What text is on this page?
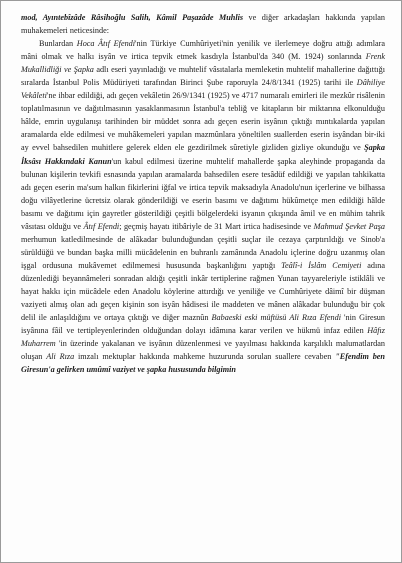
mod, Ayıntebîzâde Râsihoğlu Salih, Kâmil Paşazâde Muhlis ve diğer arkadaşları hakkında yapılan muhakemeleri neticesinde:

Bunlardan Hoca Âtıf Efendi'nin Türkiye Cumhûriyeti'nin yenilik ve ilerlemeye doğru attığı adımlara mâni olmak ve halkı isyân ve irtica tepvik etmek kasdıyla İstanbul'da 340 (M. 1924) sonlarında Frenk Mukallidliği ve Şapka adlı eseri yayınladığı ve muhtelif vâsıtalarla memleketin muhtelif mahallerine dağıttığı sıralarda İstanbul Polis Müdüriyeti tarafından Birinci Şube raporuyla 24/8/1341 (1925) tarihi ile Dâhiliye Vekâleti'ne ihbar edildiği, adı geçen vekâletin 26/9/1341 (1925) ve 4717 numaralı emirleri ile mezkûr risâlenin toplatılmasının ve dağıtılmasının yasaklanmasının İstanbul'a tebliğ ve kitapların bir miktarına elkonulduğu hâlde, emrin uygulanışı tarihinden bir müddet sonra adı geçen eserin isyânın çıktığı mıntıkalarda yapılan aramalarda elde edilmesi ve muhâkemeleri yapılan mazmûnlara yöneltilen suallerden eserin isyândan bir-iki ay evvel bahsedilen muhitlere gelerek elden ele gezdirilmek sûretiyle gizliden gizliye okunduğu ve Şapka İksâsı Hakkındaki Kanun'un kabul edilmesi üzerine muhtelif mahallerde şapka aleyhinde propaganda da bulunan kişilerin tevkifi esnasında yapılan aramalarda bahsedilen esere tesâdüf edildiği ve yapılan tahkikatta adı geçen eserin ma'sum halkın fikirlerini iğfal ve irtica tepvik maksadıyla Anadolu'nun içerlerine ve bilhassa doğu vilâyetlerine ücretsiz olarak gönderildiği ve eserin basımı ve dağıtımı hükûmetçe men edildiği hâlde basımı ve dağıtımı için gayretler gösterildiği çeşitli bölgelerdeki isyanın çıkışında âmil ve en mühim tahrik vâsıtası olduğu ve Âtıf Efendi; geçmiş hayatı itibâriyle de 31 Mart irtica hadisesinde ve Mahmud Şevket Paşa merhumun katledilmesinde de alâkadar bulunduğundan çeşitli suçlar ile cezaya çarptırıldığı ve Sinob'a sürüldüğü ve bundan başka milli mücâdelenin en buhranlı zamânında Anadolu içlerine doğru uzanmış olan işgal ordusuna mukâvemet edilmemesi hususunda başkanlığını yaptığı Teâlî-i İslâm Cemiyeti adına düzenlediği beyannâmeleri sonradan aldığı çeşitli inkâr tertiplerine rağmen Yunan tayyareleriyle istiklâli ve hayat hakkı için mücâdele eden Anadolu köylerine attırdığı ve yeniliğe ve Cumhûriyete dâimî bir düşman vaziyeti almış olan adı geçen kişinin son isyân hâdisesi ile maddeten ve mânen alâkadar bulunduğu bir çok delil ile anlaşıldığını ve ortaya çıktığı ve diğer maznûn Babaeski eski müftüsü Ali Rıza Efendi 'nin Giresun isyânına fâil ve tertipleyenlerinden olduğundan dolayı idâmına karar verilen ve hükmü infaz edilen Hâfız Muharrem 'in üzerinde yakalanan ve isyânın düzenlenmesi ve yayılması hakkında karşılıklı malumatlardan oluşan Ali Rıza imzalı mektuplar hakkında mahkeme huzurunda sorulan suallere cevaben "Efendim ben Giresun'a gelirken umûmî vaziyet ve şapka hususunda bilgimin
